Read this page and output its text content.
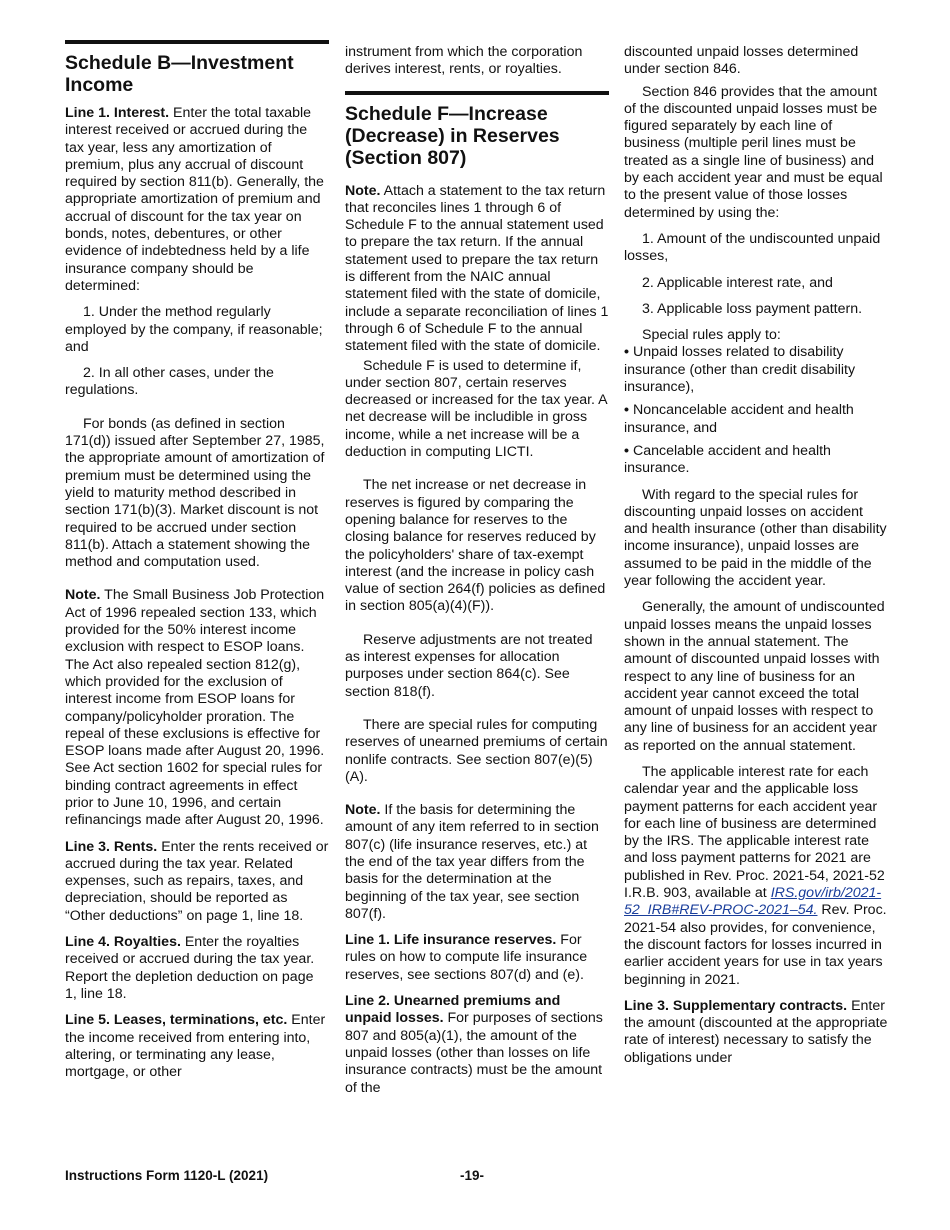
Schedule B—Investment Income

Line 1. Interest. Enter the total taxable interest received or accrued during the tax year, less any amortization of premium, plus any accrual of discount required by section 811(b). Generally, the appropriate amortization of premium and accrual of discount for the tax year on bonds, notes, debentures, or other evidence of indebtedness held by a life insurance company should be determined:

1. Under the method regularly employed by the company, if reasonable; and

2. In all other cases, under the regulations.

For bonds (as defined in section 171(d)) issued after September 27, 1985, the appropriate amount of amortization of premium must be determined using the yield to maturity method described in section 171(b)(3). Market discount is not required to be accrued under section 811(b). Attach a statement showing the method and computation used.

Note. The Small Business Job Protection Act of 1996 repealed section 133, which provided for the 50% interest income exclusion with respect to ESOP loans. The Act also repealed section 812(g), which provided for the exclusion of interest income from ESOP loans for company/policyholder proration. The repeal of these exclusions is effective for ESOP loans made after August 20, 1996. See Act section 1602 for special rules for binding contract agreements in effect prior to June 10, 1996, and certain refinancings made after August 20, 1996.

Line 3. Rents. Enter the rents received or accrued during the tax year. Related expenses, such as repairs, taxes, and depreciation, should be reported as “Other deductions” on page 1, line 18.

Line 4. Royalties. Enter the royalties received or accrued during the tax year. Report the depletion deduction on page 1, line 18.

Line 5. Leases, terminations, etc. Enter the income received from entering into, altering, or terminating any lease, mortgage, or other

instrument from which the corporation derives interest, rents, or royalties.

Schedule F—Increase (Decrease) in Reserves (Section 807)

Note. Attach a statement to the tax return that reconciles lines 1 through 6 of Schedule F to the annual statement used to prepare the tax return. If the annual statement used to prepare the tax return is different from the NAIC annual statement filed with the state of domicile, include a separate reconciliation of lines 1 through 6 of Schedule F to the annual statement filed with the state of domicile.

Schedule F is used to determine if, under section 807, certain reserves decreased or increased for the tax year. A net decrease will be includible in gross income, while a net increase will be a deduction in computing LICTI.

The net increase or net decrease in reserves is figured by comparing the opening balance for reserves to the closing balance for reserves reduced by the policyholders' share of tax-exempt interest (and the increase in policy cash value of section 264(f) policies as defined in section 805(a)(4)(F)).

Reserve adjustments are not treated as interest expenses for allocation purposes under section 864(c). See section 818(f).

There are special rules for computing reserves of unearned premiums of certain nonlife contracts. See section 807(e)(5)(A).

Note. If the basis for determining the amount of any item referred to in section 807(c) (life insurance reserves, etc.) at the end of the tax year differs from the basis for the determination at the beginning of the tax year, see section 807(f).

Line 1. Life insurance reserves. For rules on how to compute life insurance reserves, see sections 807(d) and (e).

Line 2. Unearned premiums and unpaid losses. For purposes of sections 807 and 805(a)(1), the amount of the unpaid losses (other than losses on life insurance contracts) must be the amount of the

discounted unpaid losses determined under section 846.

Section 846 provides that the amount of the discounted unpaid losses must be figured separately by each line of business (multiple peril lines must be treated as a single line of business) and by each accident year and must be equal to the present value of those losses determined by using the:

1. Amount of the undiscounted unpaid losses,

2. Applicable interest rate, and

3. Applicable loss payment pattern.

Special rules apply to:

• Unpaid losses related to disability insurance (other than credit disability insurance),

• Noncancelable accident and health insurance, and

• Cancelable accident and health insurance.

With regard to the special rules for discounting unpaid losses on accident and health insurance (other than disability income insurance), unpaid losses are assumed to be paid in the middle of the year following the accident year.

Generally, the amount of undiscounted unpaid losses means the unpaid losses shown in the annual statement. The amount of discounted unpaid losses with respect to any line of business for an accident year cannot exceed the total amount of unpaid losses with respect to any line of business for an accident year as reported on the annual statement.

The applicable interest rate for each calendar year and the applicable loss payment patterns for each accident year for each line of business are determined by the IRS. The applicable interest rate and loss payment patterns for 2021 are published in Rev. Proc. 2021-54, 2021-52 I.R.B. 903, available at IRS.gov/irb/2021-52_IRB#REV-PROC-2021–54. Rev. Proc. 2021-54 also provides, for convenience, the discount factors for losses incurred in earlier accident years for use in tax years beginning in 2021.

Line 3. Supplementary contracts. Enter the amount (discounted at the appropriate rate of interest) necessary to satisfy the obligations under

Instructions Form 1120-L (2021)	-19-
